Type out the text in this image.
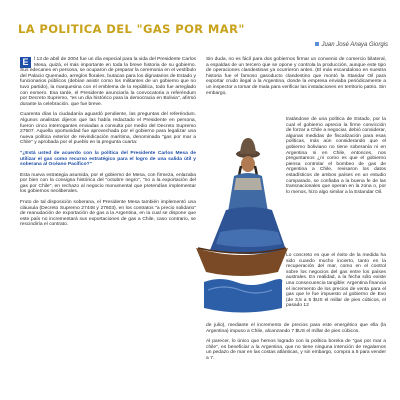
LA POLITICA DEL "GAS POR MAR"
Juan José Anaya Giorgis

E	l 13 de abril de 2004 fue un día especial para la vida del Presidente Carlos Mesa, quizá, el más importante en toda la breve historia de su gobierno. Sus edecanes en persona, se ocuparon de preparar la ceremonia en el vestíbulo del Palacio Quemado, arreglos florales, butacas para los dignatarios de Estado y funcionarios públicos (debían asistir como los militantes de un gobierno que no tuvo partido), la marquesina con el emblema de la república, todo fue arreglado con esmero. Esa tarde, el Presidente anunciaría la convocatoria a referéndum por Decreto Supremo, "es un día histórico para la democracia en Bolivia", afirmó durante la celebración. que fue breve.

Cuarenta días la ciudadanía aguardó pendiente, las preguntas del referéndum. Algunos analistas dijeron que las había redactado el Presidente en persona, fueron cinco interrogantes enviadas a consulta por medio del Decreto Supremo 27507. Aquella oportunidad fue aprovechada por el gobierno para legalizar una nueva política exterior de reivindicación marítima, denominada "gas por mar a Chile" y aprobada por el pueblo en la pregunta cuarta:

"¿Está usted de acuerdo con la política del Presidente Carlos Mesa de utilizar el gas como recurso estratégico para el logro de una salida útil y soberana al Océano Pacífico?"

Esta nueva estrategia asumida, por el gobierno de Mesa, con firmeza, enlazaba por bien con la consigna histórica del "octubre negro", "no a la exportación del gas por Chile", en rechazo al negocio monumental que pretendían implementar los gobiernos neoliberales.

Fruto de tal disposición soberana, el Presidente Mesa también implementó una cláusula (Decreto Supremo 27448 y 27603), en los contratos "a precio solidario" de reanudación de exportación de gas a la Argentina, en la cual se dispone que este país no incrementará sus exportaciones de gas a Chile, caso contrario, se rescindiría el contrato.

Sin duda, no es fácil para dos gobiernos firmar un convenio de comercio bilateral, a espaldas de un tercero que se opone y controla la producción, aunque este tipo de operaciones clandestinas ya ocurrieron antes. (El más escandaloso en nuestra historia fue el famoso gasoducto clandestino que montó la Standar Oil para exportar crudo ilegal a la Argentina, donde la empresa enviaba periódicamente a un inspector a tomar de mala para verificar las instalaciones en territorio patrio. Sin embargo,

tratándose de una política de Estado, por la cual el gobierno aprecia la firme convicción de forzar a Chile a negociar, debió considerar, algunas medidas de fiscalización para esas políticas, más aún considerando que el gobierno boliviano no tiene soberanía ni en Argentina ni en Chile, entonces, nos preguntamos ¿ni como es que el gobierno piensa controlar el bombeo de gas de Argentina a Chile, revisaron los datos estadísticos de ambos países en un estudio comparado, se confiaba a la buena fe de las transnacionales que operan en la zona o, por lo menos, hizo algo similar a la Estandar Oil.

Lo concreto es que el éxito de la medida ha sido cuando mucho incierto, tanto en la recuperación del mar, como en el control sobre los negocios del gas entre los países australes. En realidad, a la fecha sólo existe una consecuencia tangible: Argentina financia el incremento de los precios de venta para el gas que le fue impuesto al gobierno de Evo (de 3,5 a 5 $US el millar de pies cúbicos, el pasado 12

de julio), mediante el incremento de precios para este energético que ella (la Argentina) impuso a Chile, alcanzando 7 $US el millar de pies cúbicos.

Al parecer, lo único que hemos logrado con la política boreka de "gas por mar a chile", es beneficiar a la Argentina, que no tiene ninguna intención de regalarnos un pedazo de mar en las costas atlánticas, y sin embargo, compra a 5 para vender a 7.
